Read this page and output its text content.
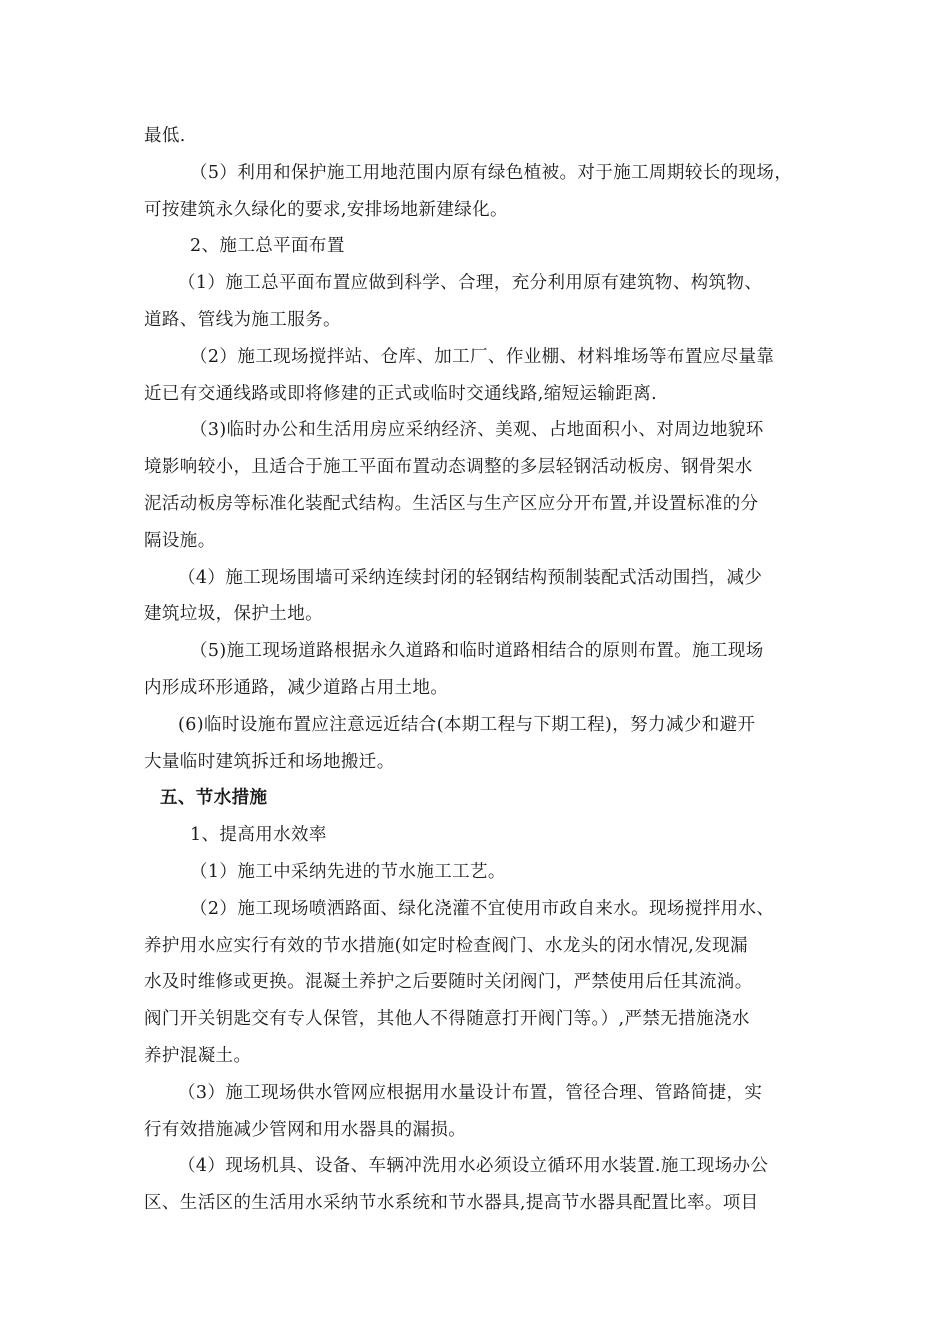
最低.
（5）利用和保护施工用地范围内原有绿色植被。对于施工周期较长的现场，
可按建筑永久绿化的要求,安排场地新建绿化。
2、施工总平面布置
（1）施工总平面布置应做到科学、合理，充分利用原有建筑物、构筑物、
道路、管线为施工服务。
（2）施工现场搅拌站、仓库、加工厂、作业棚、材料堆场等布置应尽量靠
近已有交通线路或即将修建的正式或临时交通线路,缩短运输距离.
（3)临时办公和生活用房应采纳经济、美观、占地面积小、对周边地貌环
境影响较小，且适合于施工平面布置动态调整的多层轻钢活动板房、钢骨架水
泥活动板房等标准化装配式结构。生活区与生产区应分开布置,并设置标准的分
隔设施。
（4）施工现场围墙可采纳连续封闭的轻钢结构预制装配式活动围挡，减少
建筑垃圾，保护土地。
（5)施工现场道路根据永久道路和临时道路相结合的原则布置。施工现场
内形成环形通路，减少道路占用土地。
(6)临时设施布置应注意远近结合(本期工程与下期工程)，努力减少和避开
大量临时建筑拆迁和场地搬迁。
五、节水措施
1、提高用水效率
（1）施工中采纳先进的节水施工工艺。
（2）施工现场喷洒路面、绿化浇灌不宜使用市政自来水。现场搅拌用水、
养护用水应实行有效的节水措施(如定时检查阀门、水龙头的闭水情况,发现漏
水及时维修或更换。混凝土养护之后要随时关闭阀门，严禁使用后任其流淌。
阀门开关钥匙交有专人保管，其他人不得随意打开阀门等。）,严禁无措施浇水
养护混凝土。
（3）施工现场供水管网应根据用水量设计布置，管径合理、管路简捷，实
行有效措施减少管网和用水器具的漏损。
（4）现场机具、设备、车辆冲洗用水必须设立循环用水装置.施工现场办公
区、生活区的生活用水采纳节水系统和节水器具,提高节水器具配置比率。项目
